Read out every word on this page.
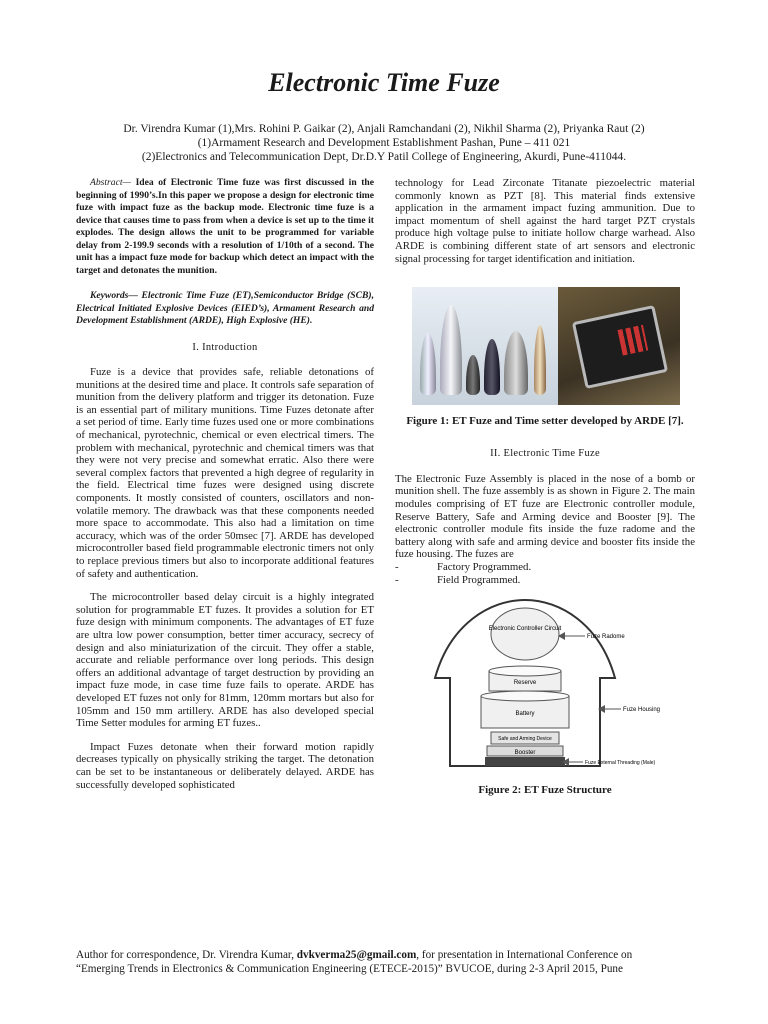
Electronic Time Fuze
Dr. Virendra Kumar (1),Mrs. Rohini P. Gaikar (2), Anjali Ramchandani (2), Nikhil Sharma (2), Priyanka Raut (2)
(1)Armament Research and Development Establishment Pashan, Pune – 411 021
(2)Electronics and Telecommunication Dept, Dr.D.Y Patil College of Engineering, Akurdi, Pune-411044.

Abstract— Idea of Electronic Time fuze was first discussed in the beginning of 1990’s.In this paper we propose a design for electronic time fuze with impact fuze as the backup mode. Electronic time fuze is a device that causes time to pass from when a device is set up to the time it explodes. The design allows the unit to be programmed for variable delay from 2-199.9 seconds with a resolution of 1/10th of a second. The unit has a impact fuze mode for backup which detect an impact with the target and detonates the munition.

Keywords— Electronic Time Fuze (ET),Semiconductor Bridge (SCB), Electrical Initiated Explosive Devices (EIED’s), Armament Research and Development Establishment (ARDE), High Explosive (HE).

I. Introduction

Fuze is a device that provides safe, reliable detonations of munitions at the desired time and place. It controls safe separation of munition from the delivery platform and trigger its detonation. Fuze is an essential part of military munitions. Time Fuzes detonate after a set period of time. Early time fuzes used one or more combinations of mechanical, pyrotechnic, chemical or even electrical timers. The problem with mechanical, pyrotechnic and chemical timers was that they were not very precise and somewhat erratic. Also there were several complex factors that prevented a high degree of regularity in the field. Electrical time fuzes were designed using discrete components. It mostly consisted of counters, oscillators and non-volatile memory. The drawback was that these components needed more space to accommodate. This also had a limitation on time accuracy, which was of the order 50msec [7]. ARDE has developed microcontroller based field programmable electronic timers not only to replace previous timers but also to incorporate additional features of safety and authentication.

The microcontroller based delay circuit is a highly integrated solution for programmable ET fuzes. It provides a solution for ET fuze design with minimum components. The advantages of ET fuze are ultra low power consumption, better timer accuracy, secrecy of design and also miniaturization of the circuit. They offer a stable, accurate and reliable performance over long periods. This design offers an additional advantage of target destruction by providing an impact fuze mode, in case time fuze fails to operate. ARDE has developed ET fuzes not only for 81mm, 120mm mortars but also for 105mm and 150 mm artillery. ARDE has also developed special Time Setter modules for arming ET fuzes..

Impact Fuzes detonate when their forward motion rapidly decreases typically on physically striking the target. The detonation can be set to be instantaneous or deliberately delayed. ARDE has successfully developed sophisticated

technology for Lead Zirconate Titanate piezoelectric material commonly known as PZT [8]. This material finds extensive application in the armament impact fuzing ammunition. Due to impact momentum of shell against the hard target PZT crystals produce high voltage pulse to initiate hollow charge warhead. Also ARDE is combining different state of art sensors and electronic signal processing for target identification and initiation.

Figure 1: ET Fuze and Time setter developed by ARDE [7].
II. Electronic Time Fuze

The Electronic Fuze Assembly is placed in the nose of a bomb or munition shell. The fuze assembly is as shown in Figure 2. The main modules comprising of ET fuze are Electronic controller module, Reserve Battery, Safe and Arming device and Booster [9]. The electronic controller module fits inside the fuze radome and the battery along with safe and arming device and booster fits inside the fuze housing. The fuzes are

-	Factory Programmed.
-	Field Programmed.
Electronic Controller Circuit
Reserve
Battery
Safe and Arming Device
Booster
Fuze Radome
Fuze Housing
Fuze External Threading (Male)
Figure 2: ET Fuze Structure
Author for correspondence, Dr. Virendra Kumar, dvkverma25@gmail.com, for presentation in International Conference on
“Emerging Trends in Electronics & Communication Engineering (ETECE-2015)” BVUCOE, during 2-3 April 2015, Pune
